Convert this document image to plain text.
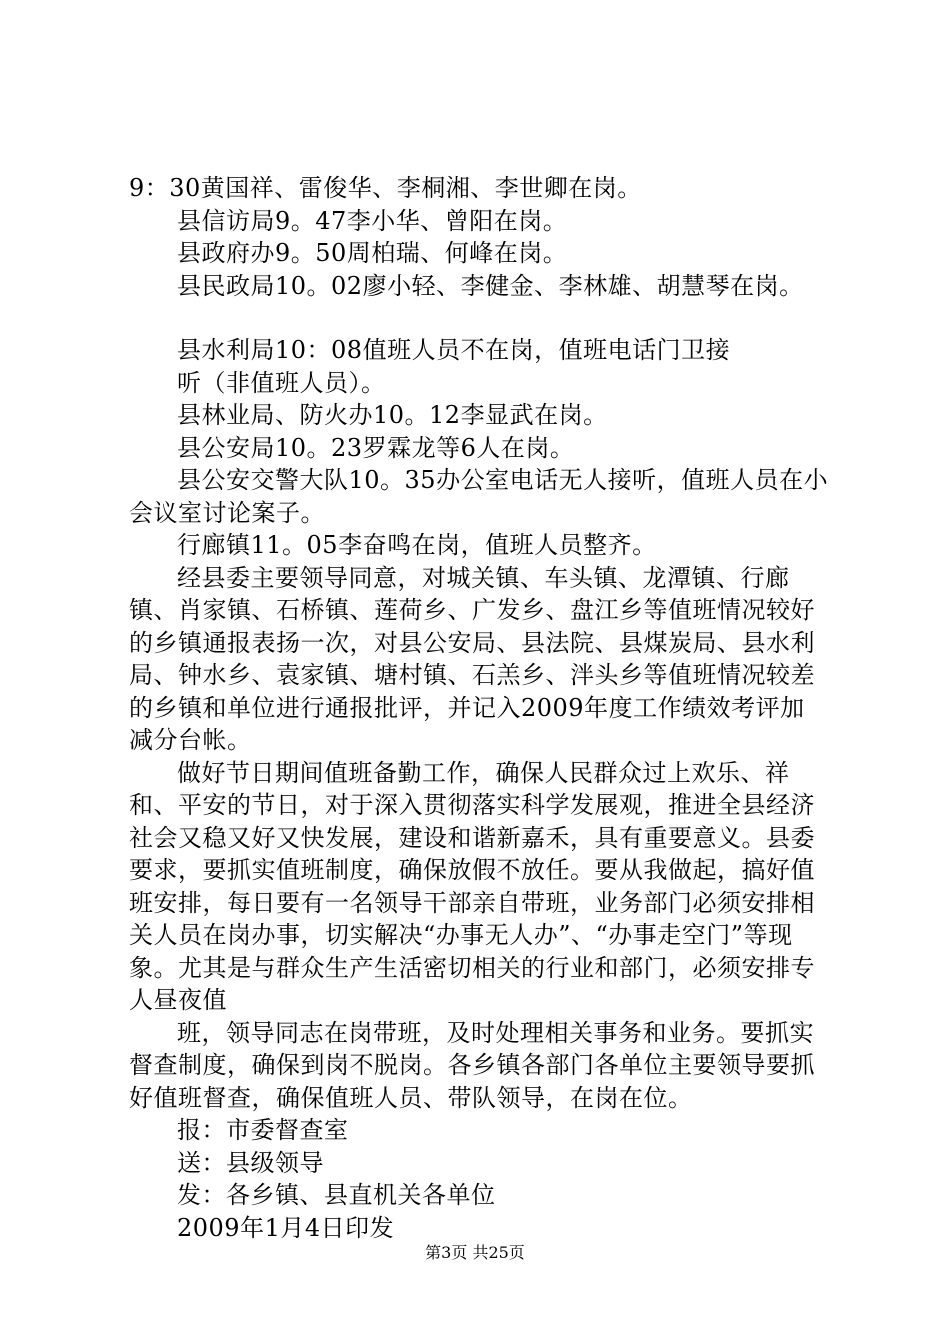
9：30黄国祥、雷俊华、李桐湘、李世卿在岗。

县信访局9。47李小华、曾阳在岗。

县政府办9。50周柏瑞、何峰在岗。

县民政局10。02廖小轻、李健金、李林雄、胡慧琴在岗。

县水利局10：08值班人员不在岗，值班电话门卫接

听（非值班人员）。

县林业局、防火办10。12李显武在岗。

县公安局10。23罗霖龙等6人在岗。

县公安交警大队10。35办公室电话无人接听，值班人员在小会议室讨论案子。

行廊镇11。05李奋鸣在岗，值班人员整齐。

经县委主要领导同意，对城关镇、车头镇、龙潭镇、行廊镇、肖家镇、石桥镇、莲荷乡、广发乡、盘江乡等值班情况较好的乡镇通报表扬一次，对县公安局、县法院、县煤炭局、县水利局、钟水乡、袁家镇、塘村镇、石羔乡、泮头乡等值班情况较差的乡镇和单位进行通报批评，并记入2009年度工作绩效考评加减分台帐。

做好节日期间值班备勤工作，确保人民群众过上欢乐、祥和、平安的节日，对于深入贯彻落实科学发展观，推进全县经济社会又稳又好又快发展，建设和谐新嘉禾，具有重要意义。县委要求，要抓实值班制度，确保放假不放任。要从我做起，搞好值班安排，每日要有一名领导干部亲自带班，业务部门必须安排相关人员在岗办事，切实解决“办事无人办”、“办事走空门”等现象。尤其是与群众生产生活密切相关的行业和部门，必须安排专人昼夜值

班，领导同志在岗带班，及时处理相关事务和业务。要抓实督查制度，确保到岗不脱岗。各乡镇各部门各单位主要领导要抓好值班督查，确保值班人员、带队领导，在岗在位。

报：市委督查室

送：县级领导

发：各乡镇、县直机关各单位

2009年1月4日印发

第3页 共25页
